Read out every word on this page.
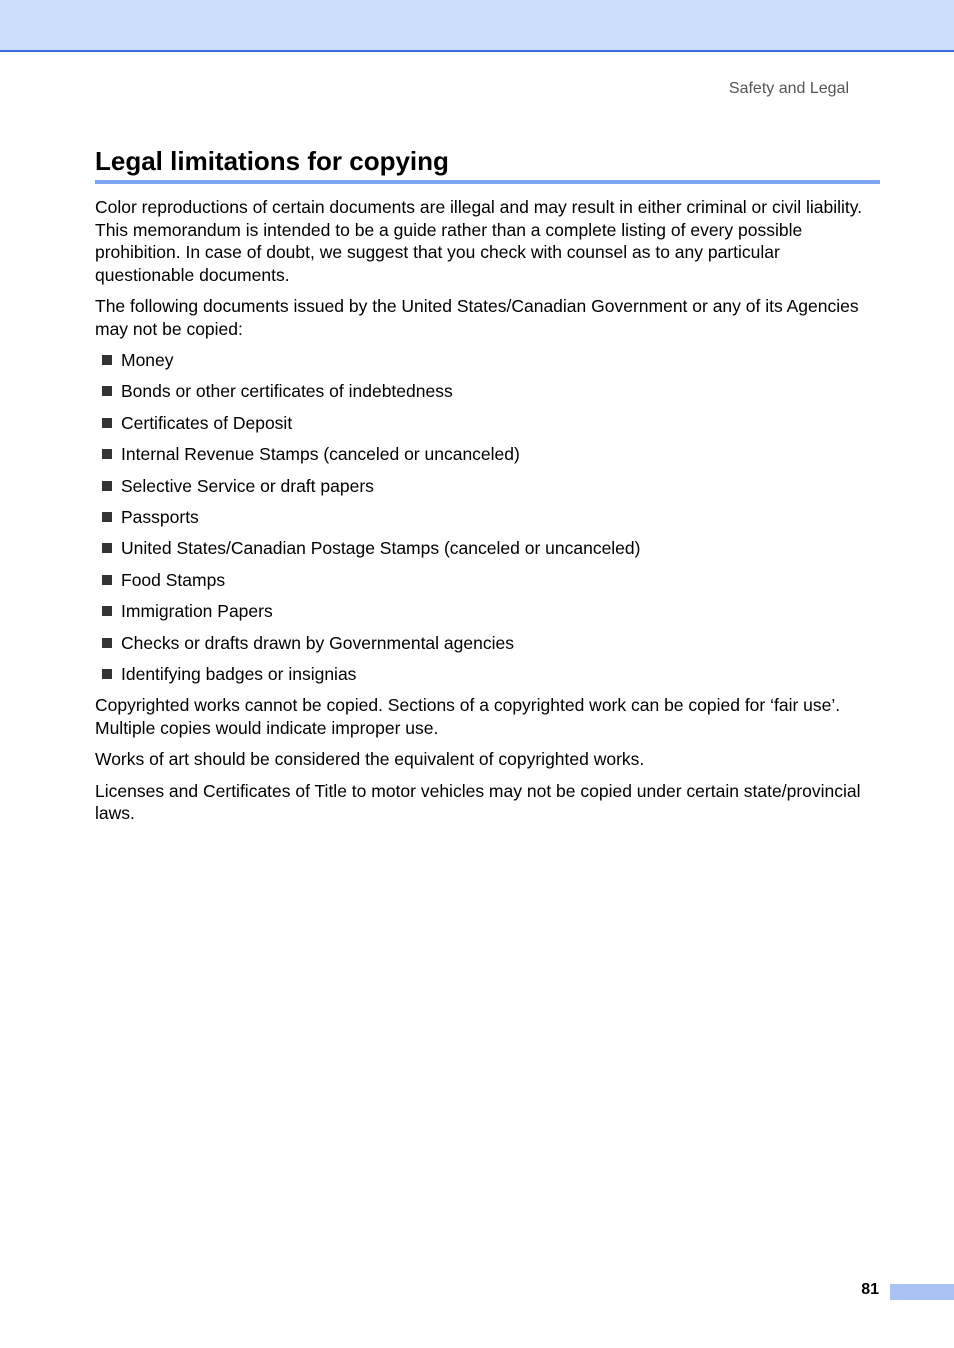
Safety and Legal
Legal limitations for copying

Color reproductions of certain documents are illegal and may result in either criminal or civil liability. This memorandum is intended to be a guide rather than a complete listing of every possible prohibition. In case of doubt, we suggest that you check with counsel as to any particular questionable documents.

The following documents issued by the United States/Canadian Government or any of its Agencies may not be copied:

Money
Bonds or other certificates of indebtedness
Certificates of Deposit
Internal Revenue Stamps (canceled or uncanceled)
Selective Service or draft papers
Passports
United States/Canadian Postage Stamps (canceled or uncanceled)
Food Stamps
Immigration Papers
Checks or drafts drawn by Governmental agencies
Identifying badges or insignias

Copyrighted works cannot be copied. Sections of a copyrighted work can be copied for ‘fair use’. Multiple copies would indicate improper use.

Works of art should be considered the equivalent of copyrighted works.

Licenses and Certificates of Title to motor vehicles may not be copied under certain state/provincial laws.

81
